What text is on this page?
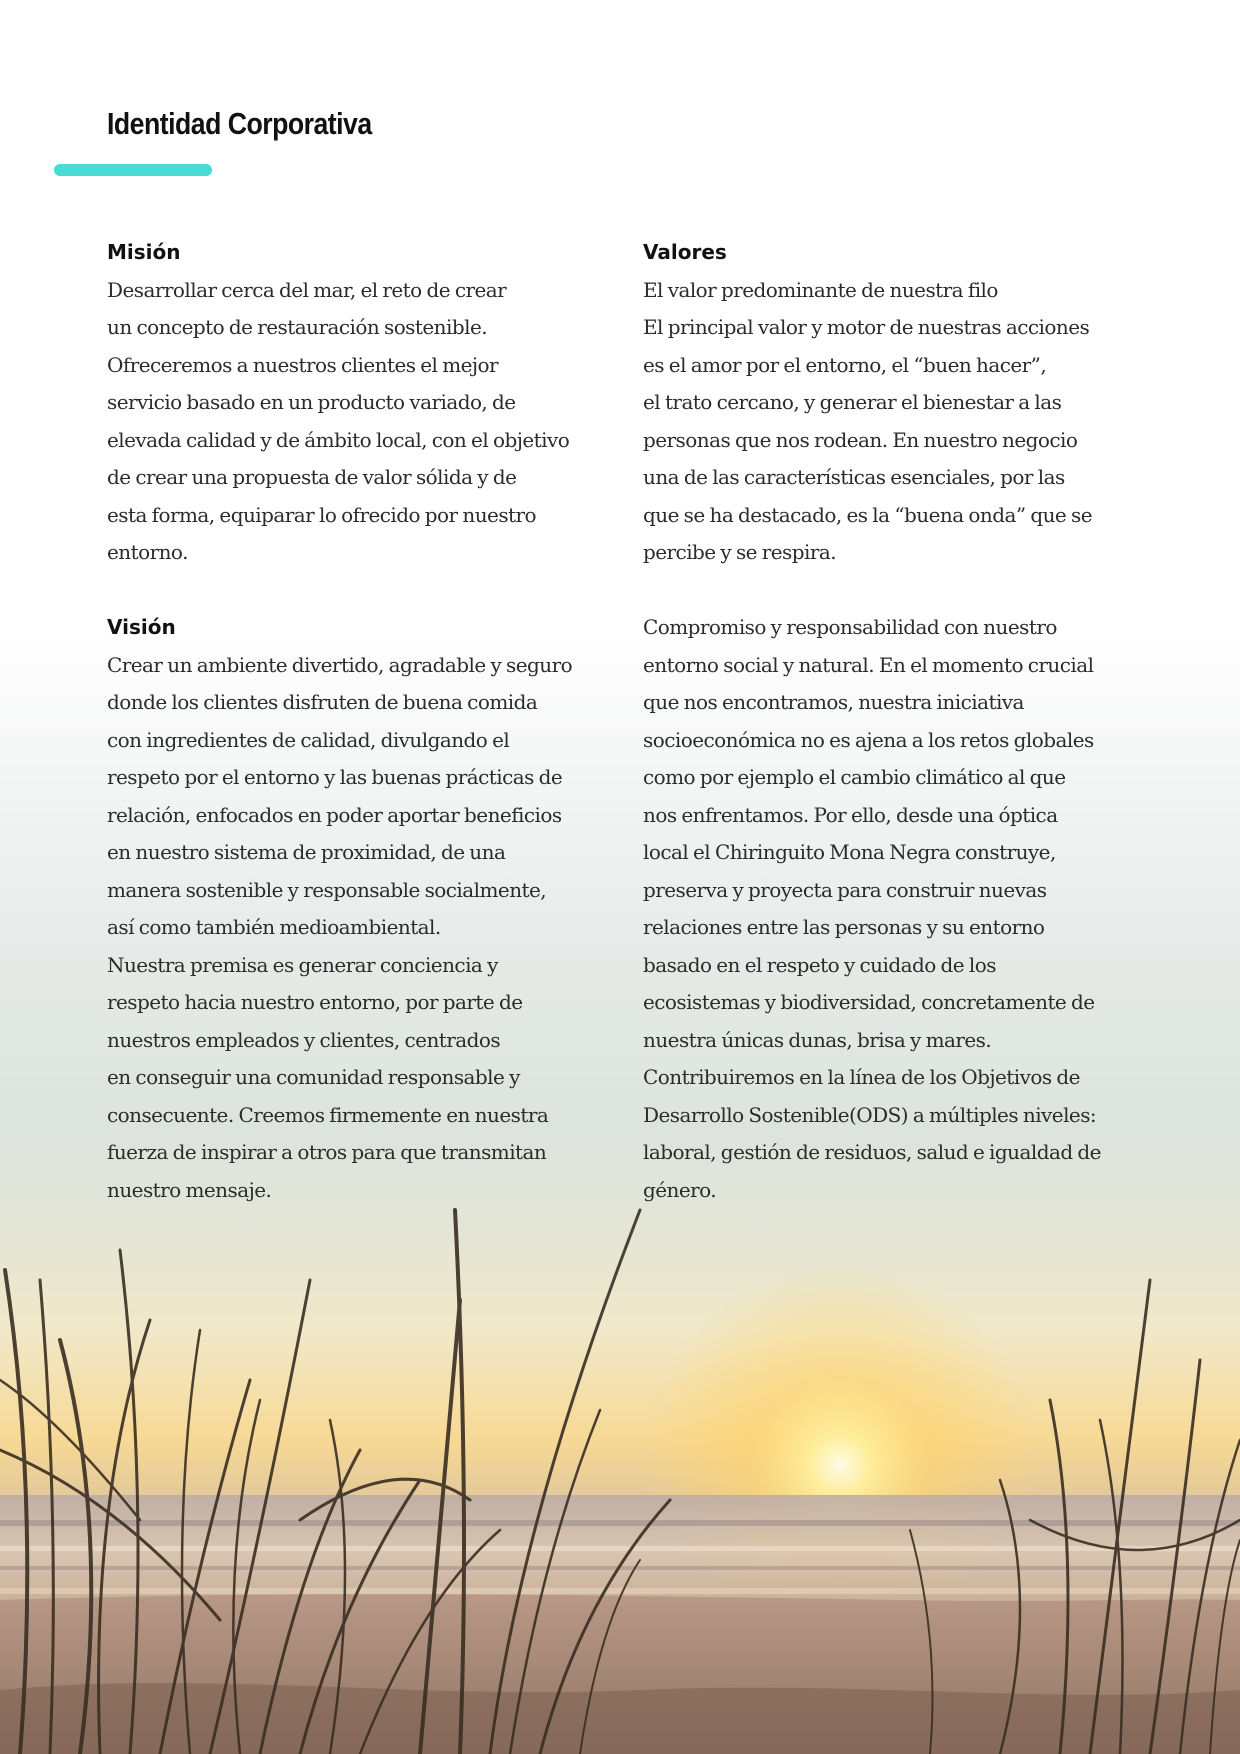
Identidad Corporativa
Misión
Desarrollar cerca del mar, el reto de crear
un concepto de restauración sostenible.
Ofreceremos a nuestros clientes el mejor
servicio basado en un producto variado, de
elevada calidad y de ámbito local, con el objetivo
de crear una propuesta de valor sólida y de
esta forma, equiparar lo ofrecido por nuestro
entorno.
Visión
Crear un ambiente divertido, agradable y seguro
donde los clientes disfruten de buena comida
con ingredientes de calidad, divulgando el
respeto por el entorno y las buenas prácticas de
relación, enfocados en poder aportar beneficios
en nuestro sistema de proximidad, de una
manera sostenible y responsable socialmente,
así como también medioambiental.
Nuestra premisa es generar conciencia y
respeto hacia nuestro entorno, por parte de
nuestros empleados y clientes, centrados
en conseguir una comunidad responsable y
consecuente. Creemos firmemente en nuestra
fuerza de inspirar a otros para que transmitan
nuestro mensaje.
Valores
El valor predominante de nuestra filo
El principal valor y motor de nuestras acciones
es el amor por el entorno, el “buen hacer”,
el trato cercano, y generar el bienestar a las
personas que nos rodean. En nuestro negocio
una de las características esenciales, por las
que se ha destacado, es la “buena onda” que se
percibe y se respira.
Compromiso y responsabilidad con nuestro
entorno social y natural. En el momento crucial
que nos encontramos, nuestra iniciativa
socioeconómica no es ajena a los retos globales
como por ejemplo el cambio climático al que
nos enfrentamos. Por ello, desde una óptica
local el Chiringuito Mona Negra construye,
preserva y proyecta para construir nuevas
relaciones entre las personas y su entorno
basado en el respeto y cuidado de los
ecosistemas y biodiversidad, concretamente de
nuestra únicas dunas, brisa y mares.
Contribuiremos en la línea de los Objetivos de
Desarrollo Sostenible(ODS) a múltiples niveles:
laboral, gestión de residuos, salud e igualdad de
género.
